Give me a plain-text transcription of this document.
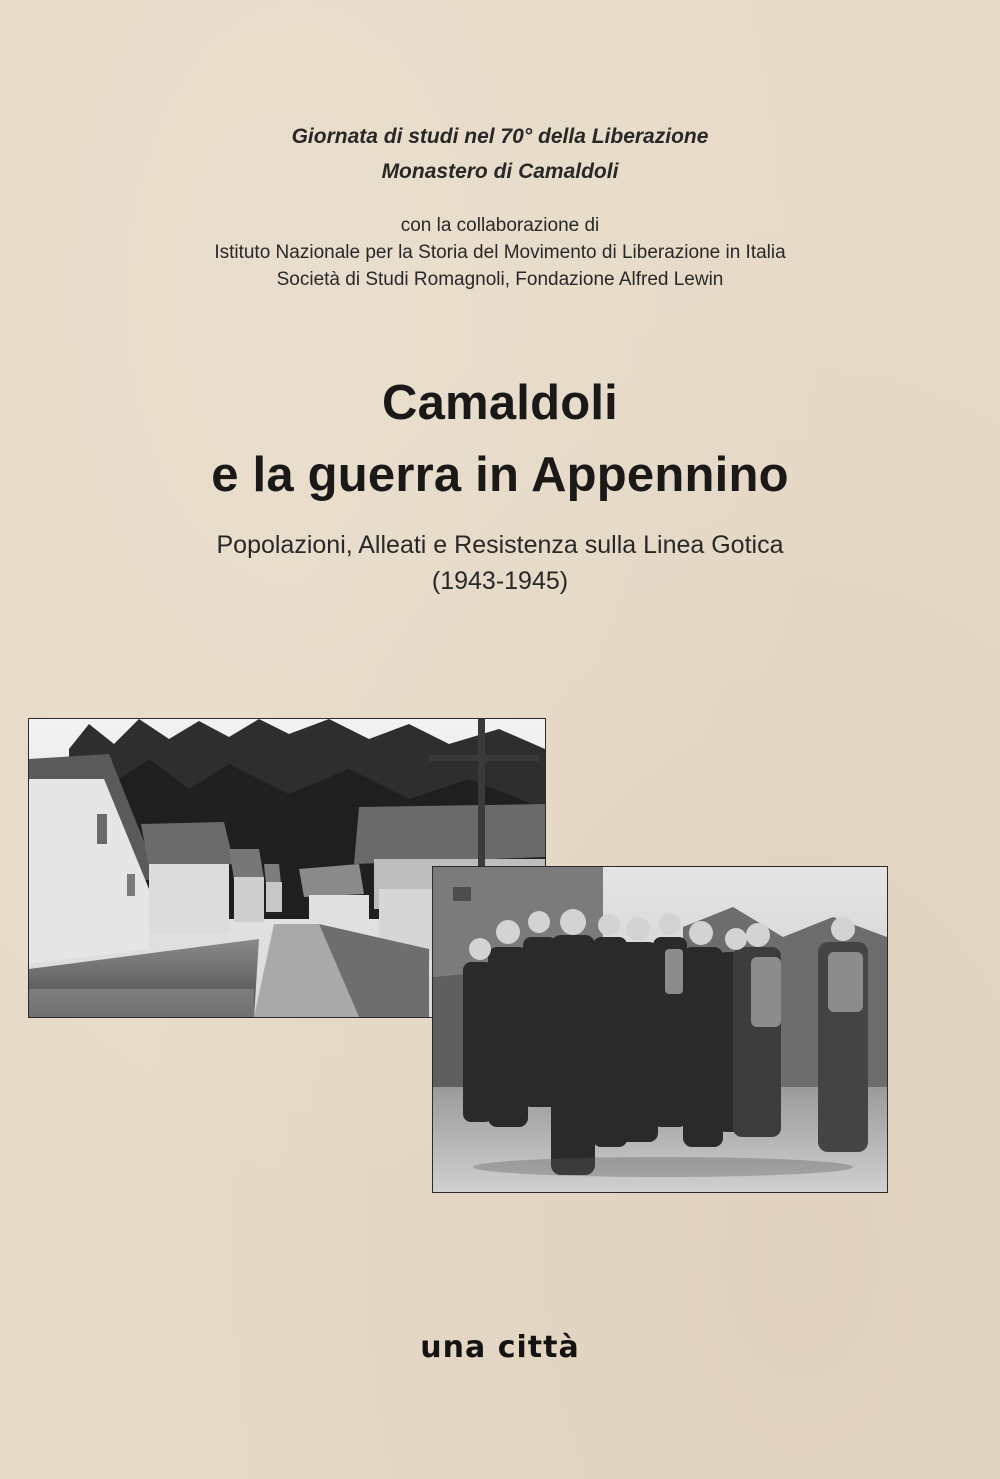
Giornata di studi nel 70° della Liberazione
Monastero di Camaldoli
con la collaborazione di
Istituto Nazionale per la Storia del Movimento di Liberazione in Italia
Società di Studi Romagnoli, Fondazione Alfred Lewin
Camaldoli
e la guerra in Appennino
Popolazioni, Alleati e Resistenza sulla Linea Gotica
(1943-1945)
una città
